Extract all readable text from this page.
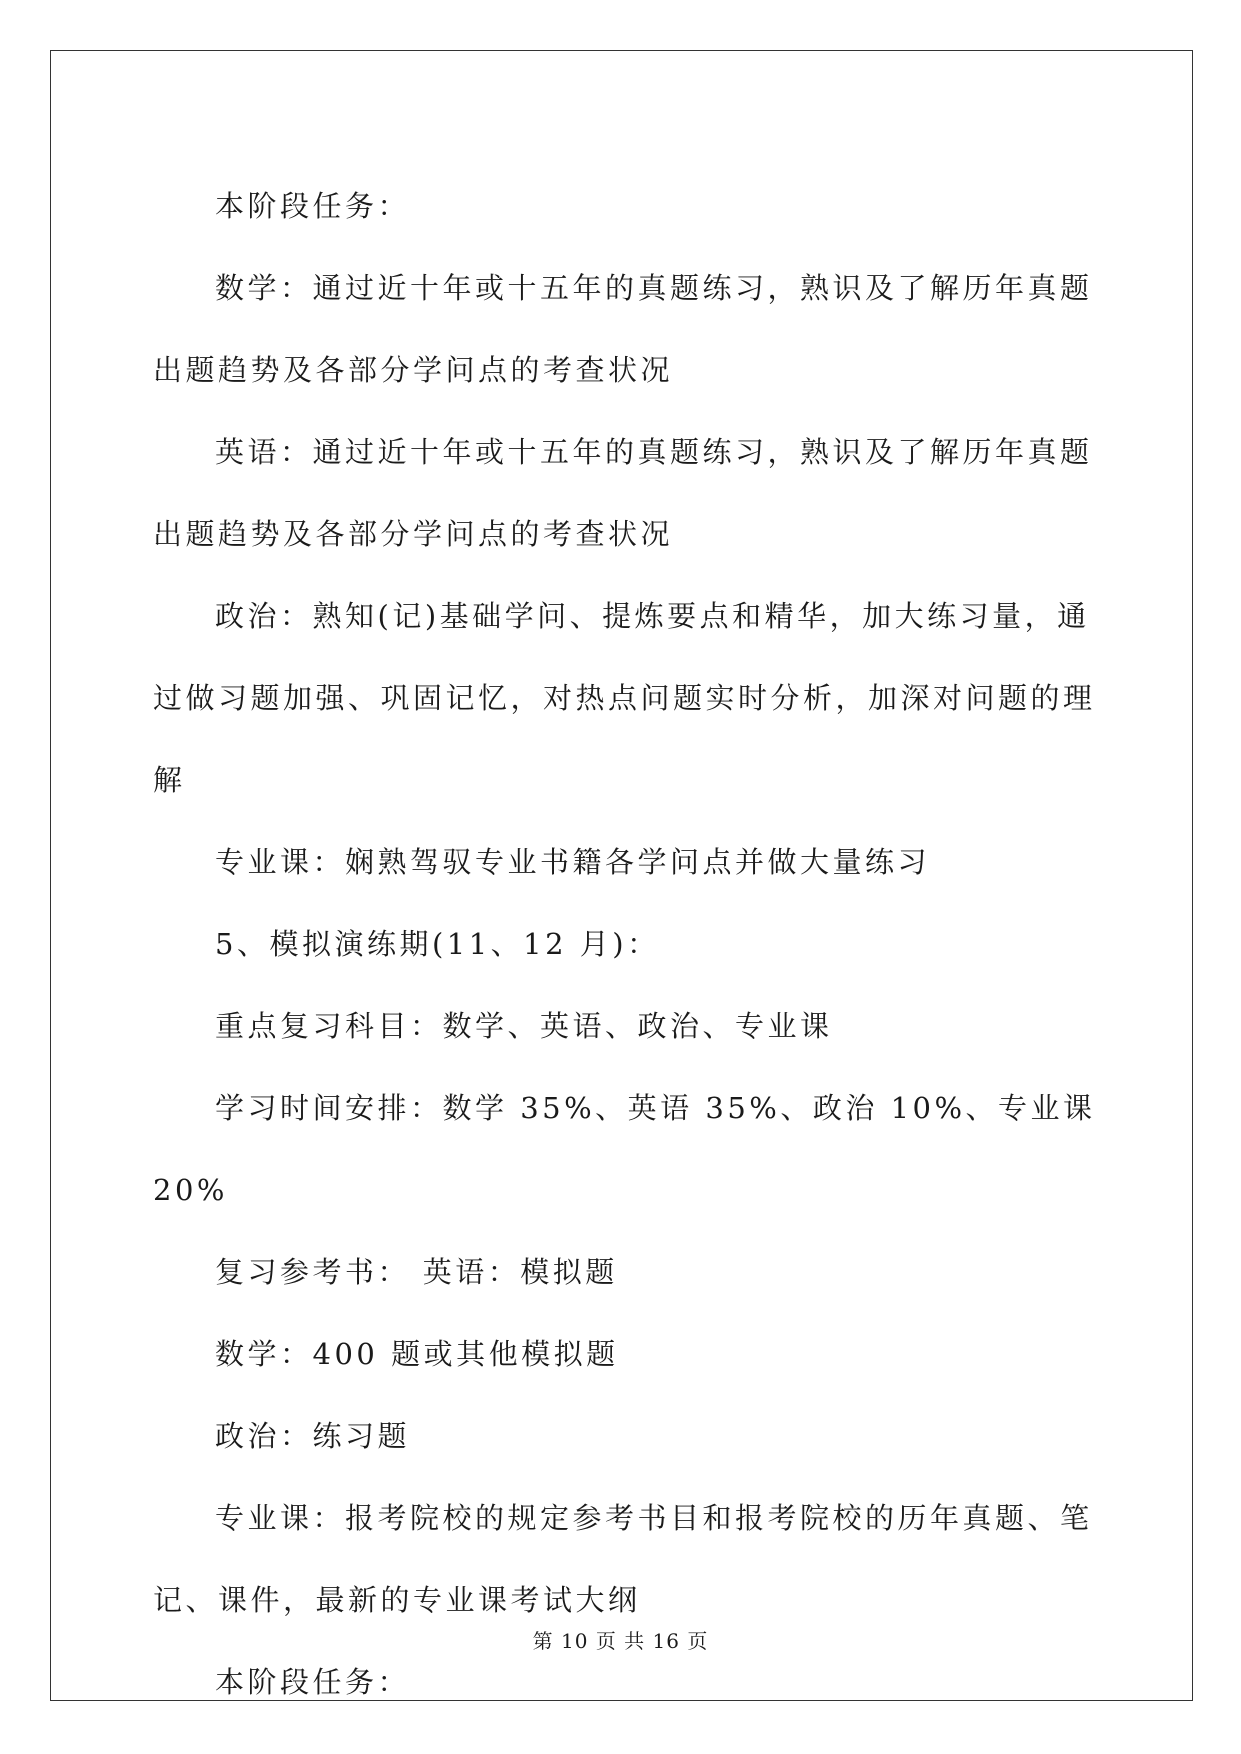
本阶段任务：

数学：通过近十年或十五年的真题练习，熟识及了解历年真题出题趋势及各部分学问点的考查状况

英语：通过近十年或十五年的真题练习，熟识及了解历年真题出题趋势及各部分学问点的考查状况

政治：熟知(记)基础学问、提炼要点和精华，加大练习量，通过做习题加强、巩固记忆，对热点问题实时分析，加深对问题的理解

专业课：娴熟驾驭专业书籍各学问点并做大量练习

5、模拟演练期(11、12 月)：

重点复习科目：数学、英语、政治、专业课

学习时间安排：数学 35%、英语 35%、政治 10%、专业课 20%

复习参考书： 英语：模拟题

数学：400 题或其他模拟题

政治：练习题

专业课：报考院校的规定参考书目和报考院校的历年真题、笔记、课件，最新的专业课考试大纲

本阶段任务：

第 10 页 共 16 页
